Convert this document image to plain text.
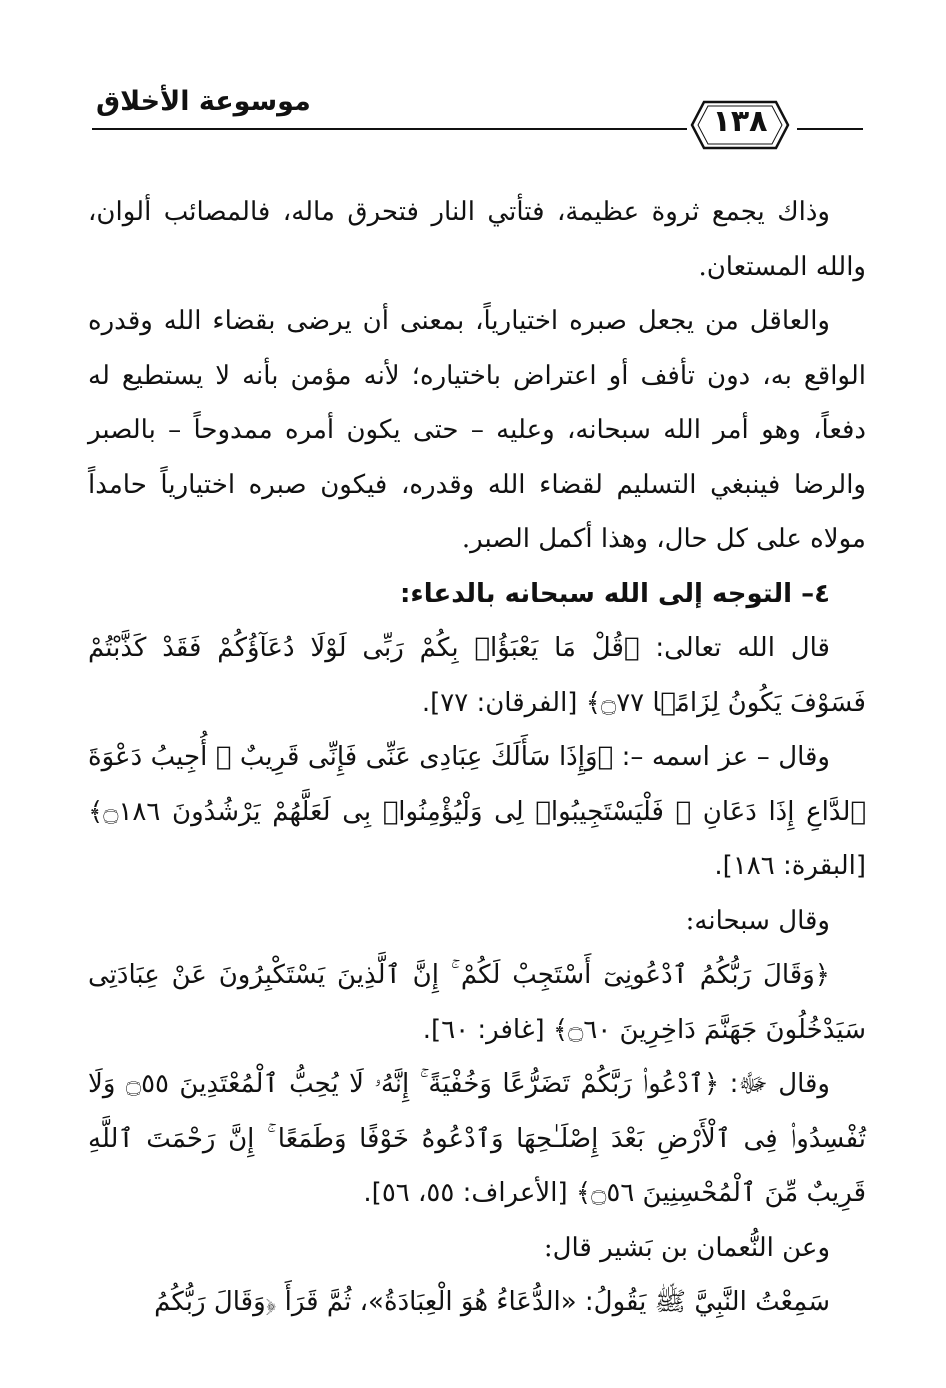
موسوعة الأخلاق
١٣٨

وذاك يجمع ثروة عظيمة، فتأتي النار فتحرق ماله، فالمصائب ألوان، والله المستعان.

والعاقل من يجعل صبره اختيارياً، بمعنى أن يرضى بقضاء الله وقدره الواقع به، دون تأفف أو اعتراض باختياره؛ لأنه مؤمن بأنه لا يستطيع له دفعاً، وهو أمر الله سبحانه، وعليه – حتى يكون أمره ممدوحاً – بالصبر والرضا فينبغي التسليم لقضاء الله وقدره، فيكون صبره اختيارياً حامداً مولاه على كل حال، وهذا أكمل الصبر.

٤– التوجه إلى الله سبحانه بالدعاء:

قال الله تعالى: ﴿قُلْ مَا يَعْبَؤُا۟ بِكُمْ رَبِّى لَوْلَا دُعَآؤُكُمْ فَقَدْ كَذَّبْتُمْ فَسَوْفَ يَكُونُ لِزَامًۢا ۝٧٧﴾ [الفرقان: ٧٧].

وقال – عز اسمه –: ﴿وَإِذَا سَأَلَكَ عِبَادِى عَنِّى فَإِنِّى قَرِيبٌ ۖ أُجِيبُ دَعْوَةَ ٱلدَّاعِ إِذَا دَعَانِ ۖ فَلْيَسْتَجِيبُوا۟ لِى وَلْيُؤْمِنُوا۟ بِى لَعَلَّهُمْ يَرْشُدُونَ ۝١٨٦﴾ [البقرة: ١٨٦].

وقال سبحانه:

﴿وَقَالَ رَبُّكُمُ ٱدْعُونِىٓ أَسْتَجِبْ لَكُمْ ۚ إِنَّ ٱلَّذِينَ يَسْتَكْبِرُونَ عَنْ عِبَادَتِى سَيَدْخُلُونَ جَهَنَّمَ دَاخِرِينَ ۝٦٠﴾ [غافر: ٦٠].

وقال ﷻ: ﴿ٱدْعُوا۟ رَبَّكُمْ تَضَرُّعًا وَخُفْيَةً ۚ إِنَّهُۥ لَا يُحِبُّ ٱلْمُعْتَدِينَ ۝٥٥ وَلَا تُفْسِدُوا۟ فِى ٱلْأَرْضِ بَعْدَ إِصْلَـٰحِهَا وَٱدْعُوهُ خَوْفًا وَطَمَعًا ۚ إِنَّ رَحْمَتَ ٱللَّهِ قَرِيبٌ مِّنَ ٱلْمُحْسِنِينَ ۝٥٦﴾ [الأعراف: ٥٥، ٥٦].

وعن النُّعمان بن بَشير قال:

سَمِعْتُ النَّبِيَّ ﷺ يَقُولُ: «الدُّعَاءُ هُوَ الْعِبَادَةُ»، ثُمَّ قَرَأَ ﴿وَقَالَ رَبُّكُمُ
